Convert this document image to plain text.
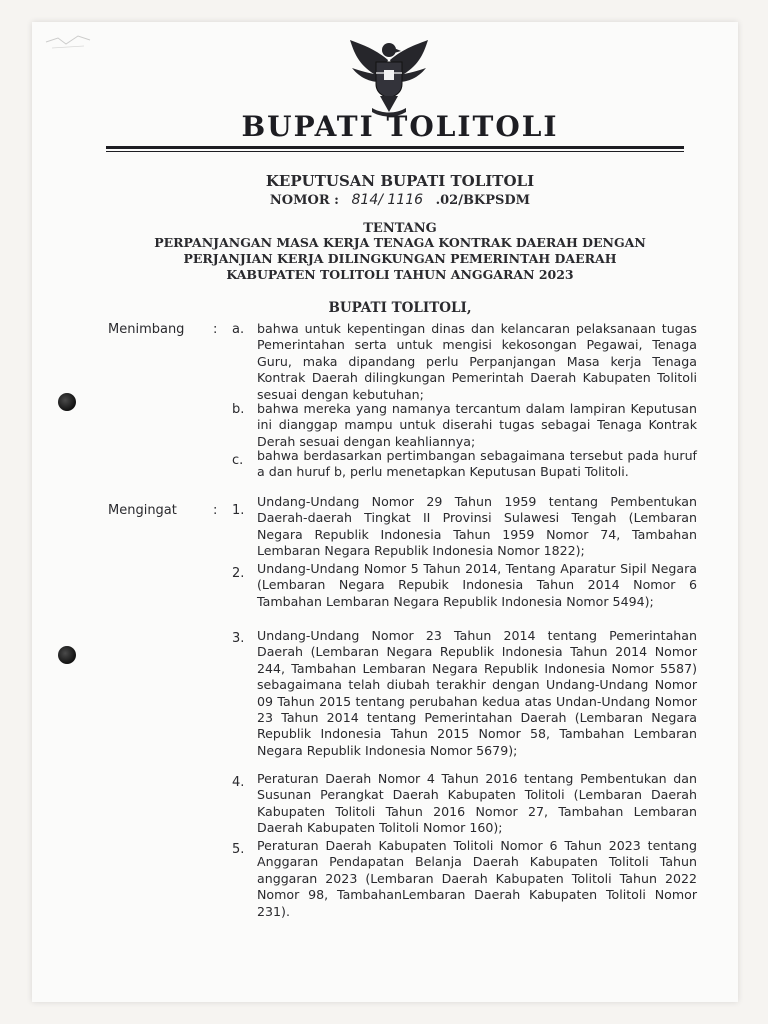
BUPATI TOLITOLI
KEPUTUSAN BUPATI TOLITOLI
NOMOR : 814/ 1116 .02/BKPSDM
TENTANG
PERPANJANGAN MASA KERJA TENAGA KONTRAK DAERAH DENGAN
PERJANJIAN KERJA DILINGKUNGAN PEMERINTAH DAERAH
KABUPATEN TOLITOLI TAHUN ANGGARAN 2023
BUPATI TOLITOLI,
Menimbang : a. bahwa untuk kepentingan dinas dan kelancaran pelaksanaan tugas Pemerintahan serta untuk mengisi kekosongan Pegawai, Tenaga Guru, maka dipandang perlu Perpanjangan Masa kerja Tenaga Kontrak Daerah dilingkungan Pemerintah Daerah Kabupaten Tolitoli sesuai dengan kebutuhan;
b. bahwa mereka yang namanya tercantum dalam lampiran Keputusan ini dianggap mampu untuk diserahi tugas sebagai Tenaga Kontrak Derah sesuai dengan keahliannya;
c. bahwa berdasarkan pertimbangan sebagaimana tersebut pada huruf a dan huruf b, perlu menetapkan Keputusan Bupati Tolitoli.
Mengingat	: 1.
Undang-Undang Nomor 29 Tahun 1959 tentang Pembentukan Daerah-daerah Tingkat II Provinsi Sulawesi Tengah (Lembaran Negara Republik Indonesia Tahun 1959 Nomor 74, Tambahan Lembaran Negara Republik Indonesia Nomor 1822);
2. Undang-Undang Nomor 5 Tahun 2014, Tentang Aparatur Sipil Negara (Lembaran Negara Repubik Indonesia Tahun 2014 Nomor 6 Tambahan Lembaran Negara Republik Indonesia Nomor 5494);
3. Undang-Undang Nomor 23 Tahun 2014 tentang Pemerintahan Daerah (Lembaran Negara Republik Indonesia Tahun 2014 Nomor 244, Tambahan Lembaran Negara Republik Indonesia Nomor 5587) sebagaimana telah diubah terakhir dengan Undang-Undang Nomor 09 Tahun 2015 tentang perubahan kedua atas Undan-Undang Nomor 23 Tahun 2014 tentang Pemerintahan Daerah (Lembaran Negara Republik Indonesia Tahun 2015 Nomor 58, Tambahan Lembaran Negara Republik Indonesia Nomor 5679);
4. Peraturan Daerah Nomor 4 Tahun 2016 tentang Pembentukan dan Susunan Perangkat Daerah Kabupaten Tolitoli (Lembaran Daerah Kabupaten Tolitoli Tahun 2016 Nomor 27, Tambahan Lembaran Daerah Kabupaten Tolitoli Nomor 160);
5. Peraturan Daerah Kabupaten Tolitoli Nomor 6 Tahun 2023 tentang Anggaran Pendapatan Belanja Daerah Kabupaten Tolitoli Tahun anggaran 2023 (Lembaran Daerah Kabupaten Tolitoli Tahun 2022 Nomor 98, TambahanLembaran Daerah Kabupaten Tolitoli Nomor 231).
